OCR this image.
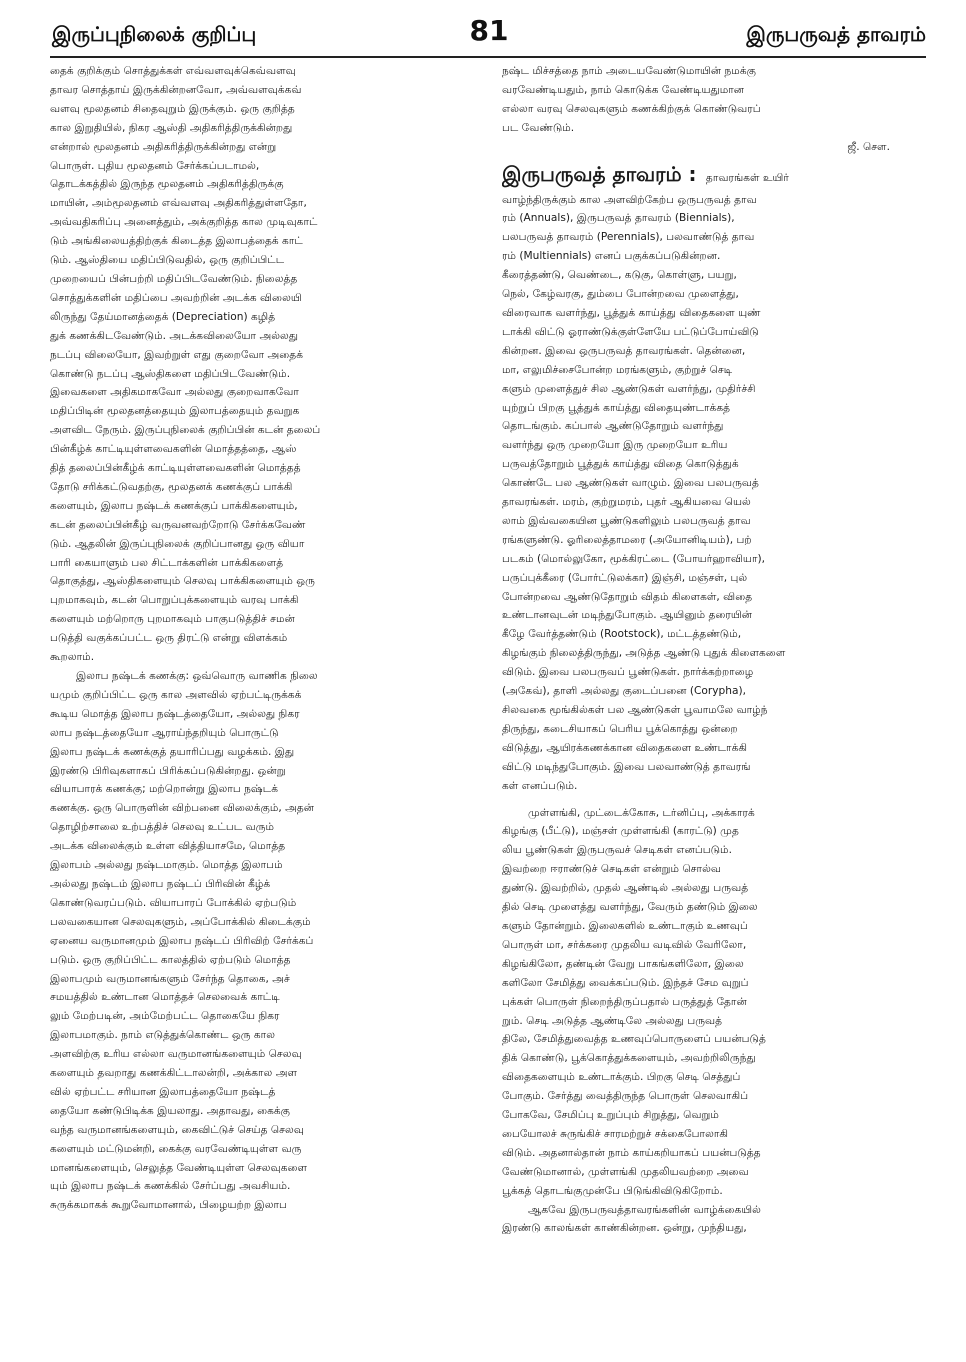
இருப்புநிலைக் குறிப்பு	81	இருபருவத் தாவரம்
தைக் குறிக்கும் சொத்துக்கள் எவ்வளவுக்கெவ்வளவு
தாவர சொத்தாய் இருக்கின்றனவோ, அவ்வளவுக்கவ்
வளவு மூலதனம் சிதைவுறும் இருக்கும். ஒரு குறித்த
கால இறுதியில், நிகர ஆஸ்தி அதிகரித்திருக்கின்றது
என்றால் மூலதனம் அதிகரித்திருக்கின்றது என்று
பொருள். புதிய மூலதனம் சேர்க்கப்படாமல்,
தொடக்கத்தில் இருந்த மூலதனம் அதிகரித்திருக்கு
மாயின், அம்மூலதனம் எவ்வளவு அதிகரித்துள்ளதோ,
அவ்வதிகரிப்பு அனைத்தும், அக்குறித்த கால முடிவுகாட்
டும் அங்கிலையத்திற்குக் கிடைத்த இலாபத்தைக் காட்
டும். ஆஸ்தியை மதிப்பிடுவதில், ஒரு குறிப்பிட்ட
முறையைப் பின்பற்றி மதிப்பிடவேண்டும். நிலைத்த
சொத்துக்களின் மதிப்பை அவற்றின் அடக்க விலையி
லிருந்து தேய்மானத்தைக் (Depreciation) கழித்
துக் கணக்கிடவேண்டும். அடக்கவிலையோ அல்லது
நடப்பு விலையோ, இவற்றுள் எது குறைவோ அதைக்
கொண்டு நடப்பு ஆஸ்திகளை மதிப்பிடவேண்டும்.
இவைகளை அதிகமாகவோ அல்லது குறைவாகவோ
மதிப்பிடின் மூலதனத்தையும் இலாபத்தையும் தவறுக
அளவிட நேரும். இருப்புநிலைக் குறிப்பின் கடன் தலைப்
பின்கீழ்க் காட்டியுள்ளவைகளின் மொத்தத்தை, ஆஸ்
தித் தலைப்பின்கீழ்க் காட்டியுள்ளவைகளின் மொத்தத்
தோடு சரிக்கட்டுவதற்கு, மூலதனக் கணக்குப் பாக்கி
களையும், இலாப நஷ்டக் கணக்குப் பாக்கிகளையும்,
கடன் தலைப்பின்கீழ் வருவனவற்றோடு சேர்க்கவேண்
டும். ஆதலின் இருப்புநிலைக் குறிப்பானது ஒரு வியா
பாரி கையாளும் பல சிட்டாக்களின் பாக்கிகளைத்
தொகுத்து, ஆஸ்திகளையும் செலவு பாக்கிகளையும் ஒரு
புறமாகவும், கடன் பொறுப்புக்களையும் வரவு பாக்கி
களையும் மற்றொரு புறமாகவும் பாகுபடுத்திச் சமன்
படுத்தி வகுக்கப்பட்ட ஒரு திரட்டு என்று விளக்கம்
கூறலாம்.
இலாப நஷ்டக் கணக்கு: ஒவ்வொரு வாணிக நிலை
யமும் குறிப்பிட்ட ஒரு கால அளவில் ஏற்பட்டிருக்கக்
கூடிய மொத்த இலாப நஷ்டத்தையோ, அல்லது நிகர
லாப நஷ்டத்தையோ ஆராய்ந்தறியும் பொருட்டு
இலாப நஷ்டக் கணக்குத் தயாரிப்பது வழக்கம். இது
இரண்டு பிரிவுகளாகப் பிரிக்கப்படுகின்றது. ஒன்று
வியாபாரக் கணக்கு; மற்றொன்று இலாப நஷ்டக்
கணக்கு. ஒரு பொருளின் விற்பனை விலைக்கும், அதன்
தொழிற்சாலை உற்பத்திச் செலவு உட்பட வரும்
அடக்க விலைக்கும் உள்ள வித்தியாசமே, மொத்த
இலாபம் அல்லது நஷ்டமாகும். மொத்த இலாபம்
அல்லது நஷ்டம் இலாப நஷ்டப் பிரிவின் கீழ்க்
கொண்டுவரப்படும். வியாபாரப் போக்கில் ஏற்படும்
பலவகையான செலவுகளும், அப்போக்கில் கிடைக்கும்
ஏனைய வருமானமும் இலாப நஷ்டப் பிரிவிற் சேர்க்கப்
படும். ஒரு குறிப்பிட்ட காலத்தில் ஏற்படும் மொத்த
இலாபமும் வருமானங்களும் சேர்ந்த தொகை, அச்
சமயத்தில் உண்டான மொத்தச் செலவைக் காட்டி
லும் மேற்படின், அம்மேற்பட்ட தொகையே நிகர
இலாபமாகும். நாம் எடுத்துக்கொண்ட ஒரு கால
அளவிற்கு உரிய எல்லா வருமானங்களையும் செலவு
களையும் தவறாது கணக்கிட்டாலன்றி, அக்கால அள
வில் ஏற்பட்ட சரியான இலாபத்தையோ நஷ்டத்
தையோ கண்டுபிடிக்க இயலாது. அதாவது, கைக்கு
வந்த வருமானங்களையும், கைவிட்டுச் செய்த செலவு
களையும் மட்டுமன்றி, கைக்கு வரவேண்டியுள்ள வரு
மானங்களையும், செலுத்த வேண்டியுள்ள செலவுகளை
யும் இலாப நஷ்டக் கணக்கில் சேர்ப்பது அவசியம்.
சுருக்கமாகக் கூறுவோமானால், பிழையற்ற இலாப
நஷ்ட மிச்சத்தை நாம் அடையவேண்டுமாயின் நமக்கு
வரவேண்டியதும், நாம் கொடுக்க வேண்டியதுமான
எல்லா வரவு செலவுகளும் கணக்கிற்குக் கொண்டுவரப்
பட வேண்டும்.
ஜீ. செள.
இருபருவத் தாவரம் : தாவரங்கள் உயிர்
வாழ்ந்திருக்கும் கால அளவிற்கேற்ப ஒருபருவத் தாவ
ரம் (Annuals), இருபருவத் தாவரம் (Biennials),
பலபருவத் தாவரம் (Perennials), பலவாண்டுத் தாவ
ரம் (Multiennials) எனப் பகுக்கப்படுகின்றன.
கீரைத்தண்டு, வெண்டை, கடுகு, கொள்ளு, பயறு,
நெல், கேழ்வரகு, தும்பை போன்றவை முளைத்து,
விரைவாக வளர்ந்து, பூத்துக் காய்த்து விதைகளை யுண்
டாக்கி விட்டு ஓராண்டுக்குள்ளேயே பட்டுப்போய்விடு
கின்றன. இவை ஒருபருவத் தாவரங்கள். தென்னை,
மா, எலுமிச்சைபோன்ற மரங்களும், குற்றுச் செடி
களும் முளைத்துச் சில ஆண்டுகள் வளர்ந்து, முதிர்ச்சி
யுற்றுப் பிறகு பூத்துக் காய்த்து விதையுண்டாக்கத்
தொடங்கும். கப்பால் ஆண்டுதோறும் வளர்ந்து
வளர்ந்து ஒரு முறையோ இரு முறையோ உரிய
பருவத்தோறும் பூத்துக் காய்த்து விதை கொடுத்துக்
கொண்டே பல ஆண்டுகள் வாழும். இவை பலபருவத்
தாவரங்கள். மரம், குற்றுமரம், புதர் ஆகியவை யெல்
லாம் இவ்வகையின பூண்டுகளிலும் பலபருவத் தாவ
ரங்களுண்டு. ஓரிலைத்தாமரை (அயோனிடியம்), பற்
படகம் (மொல்லுகோ, மூக்கிரட்டை (போயர்ஹாவியா),
பருப்புக்கீரை (போர்ட்டுலக்கா) இஞ்சி, மஞ்சள், புல்
போன்றவை ஆண்டுதோறும் விதம் கிளைகள், விதை
உண்டானவுடன் மடிந்துபோகும். ஆயினும் தரையின்
கீழே வேர்த்தண்டும் (Rootstock), மட்டத்தண்டும்,
கிழங்கும் நிலைத்திருந்து, அடுத்த ஆண்டு புதுக் கிளைகளை
விடும். இவை பலபருவப் பூண்டுகள். நார்க்கற்றாழை
(அகேவ்), தாளி அல்லது குடைப்பனை (Corypha),
சிலவகை மூங்கில்கள் பல ஆண்டுகள் பூவாமலே வாழ்ந்
திருந்து, கடைசியாகப் பெரிய பூக்கொத்து ஒன்றை
விடுத்து, ஆயிரக்கணக்கான விதைகளை உண்டாக்கி
விட்டு மடிந்துபோகும். இவை பலவாண்டுத் தாவரங்
கள் எனப்படும்.
முள்ளங்கி, முட்டைக்கோசு, டர்னிப்பு, அக்காரக்
கிழங்கு (பீட்டு), மஞ்சள் முள்ளங்கி (காரட்டு) முத
லிய பூண்டுகள் இருபருவச் செடிகள் எனப்படும்.
இவற்றை ஈராண்டுச் செடிகள் என்றும் சொல்வ
துண்டு. இவற்றில், முதல் ஆண்டில் அல்லது பருவத்
தில் செடி முளைத்து வளர்ந்து, வேரும் தண்டும் இலை
களும் தோன்றும். இலைகளில் உண்டாகும் உணவுப்
பொருள் மா, சர்க்கரை முதலிய வடிவில் வேரிலோ,
கிழங்கிலோ, தண்டின் வேறு பாகங்களிலோ, இலை
களிலோ சேமித்து வைக்கப்படும். இந்தச் சேம வுறுப்
புக்கள் பொருள் நிறைந்திருப்பதால் பருத்துத் தோன்
றும். செடி அடுத்த ஆண்டிலே அல்லது பருவத்
திலே, சேமித்துவைத்த உணவுப்பொருளைப் பயன்படுத்
திக் கொண்டு, பூக்கொத்துக்களையும், அவற்றிலிருந்து
விதைகளையும் உண்டாக்கும். பிறகு செடி செத்துப்
போகும். சேர்த்து வைத்திருந்த பொருள் செலவாகிப்
போகவே, சேமிப்பு உறுப்பும் சிறுத்து, வெறும்
பையோலச் சுருங்கிச் சாரமற்றுச் சக்கைபோலாகி
விடும். அதனால்தான் நாம் காய்கறியாகப் பயன்படுத்த
வேண்டுமானால், முள்ளங்கி முதலியவற்றை அவை
பூக்கத் தொடங்குமுன்பே பிடுங்கிவிடுகிறோம்.
ஆகவே இருபருவத்தாவரங்களின் வாழ்க்கையில்
இரண்டு காலங்கள் காண்கின்றன. ஒன்று, முந்தியது,
